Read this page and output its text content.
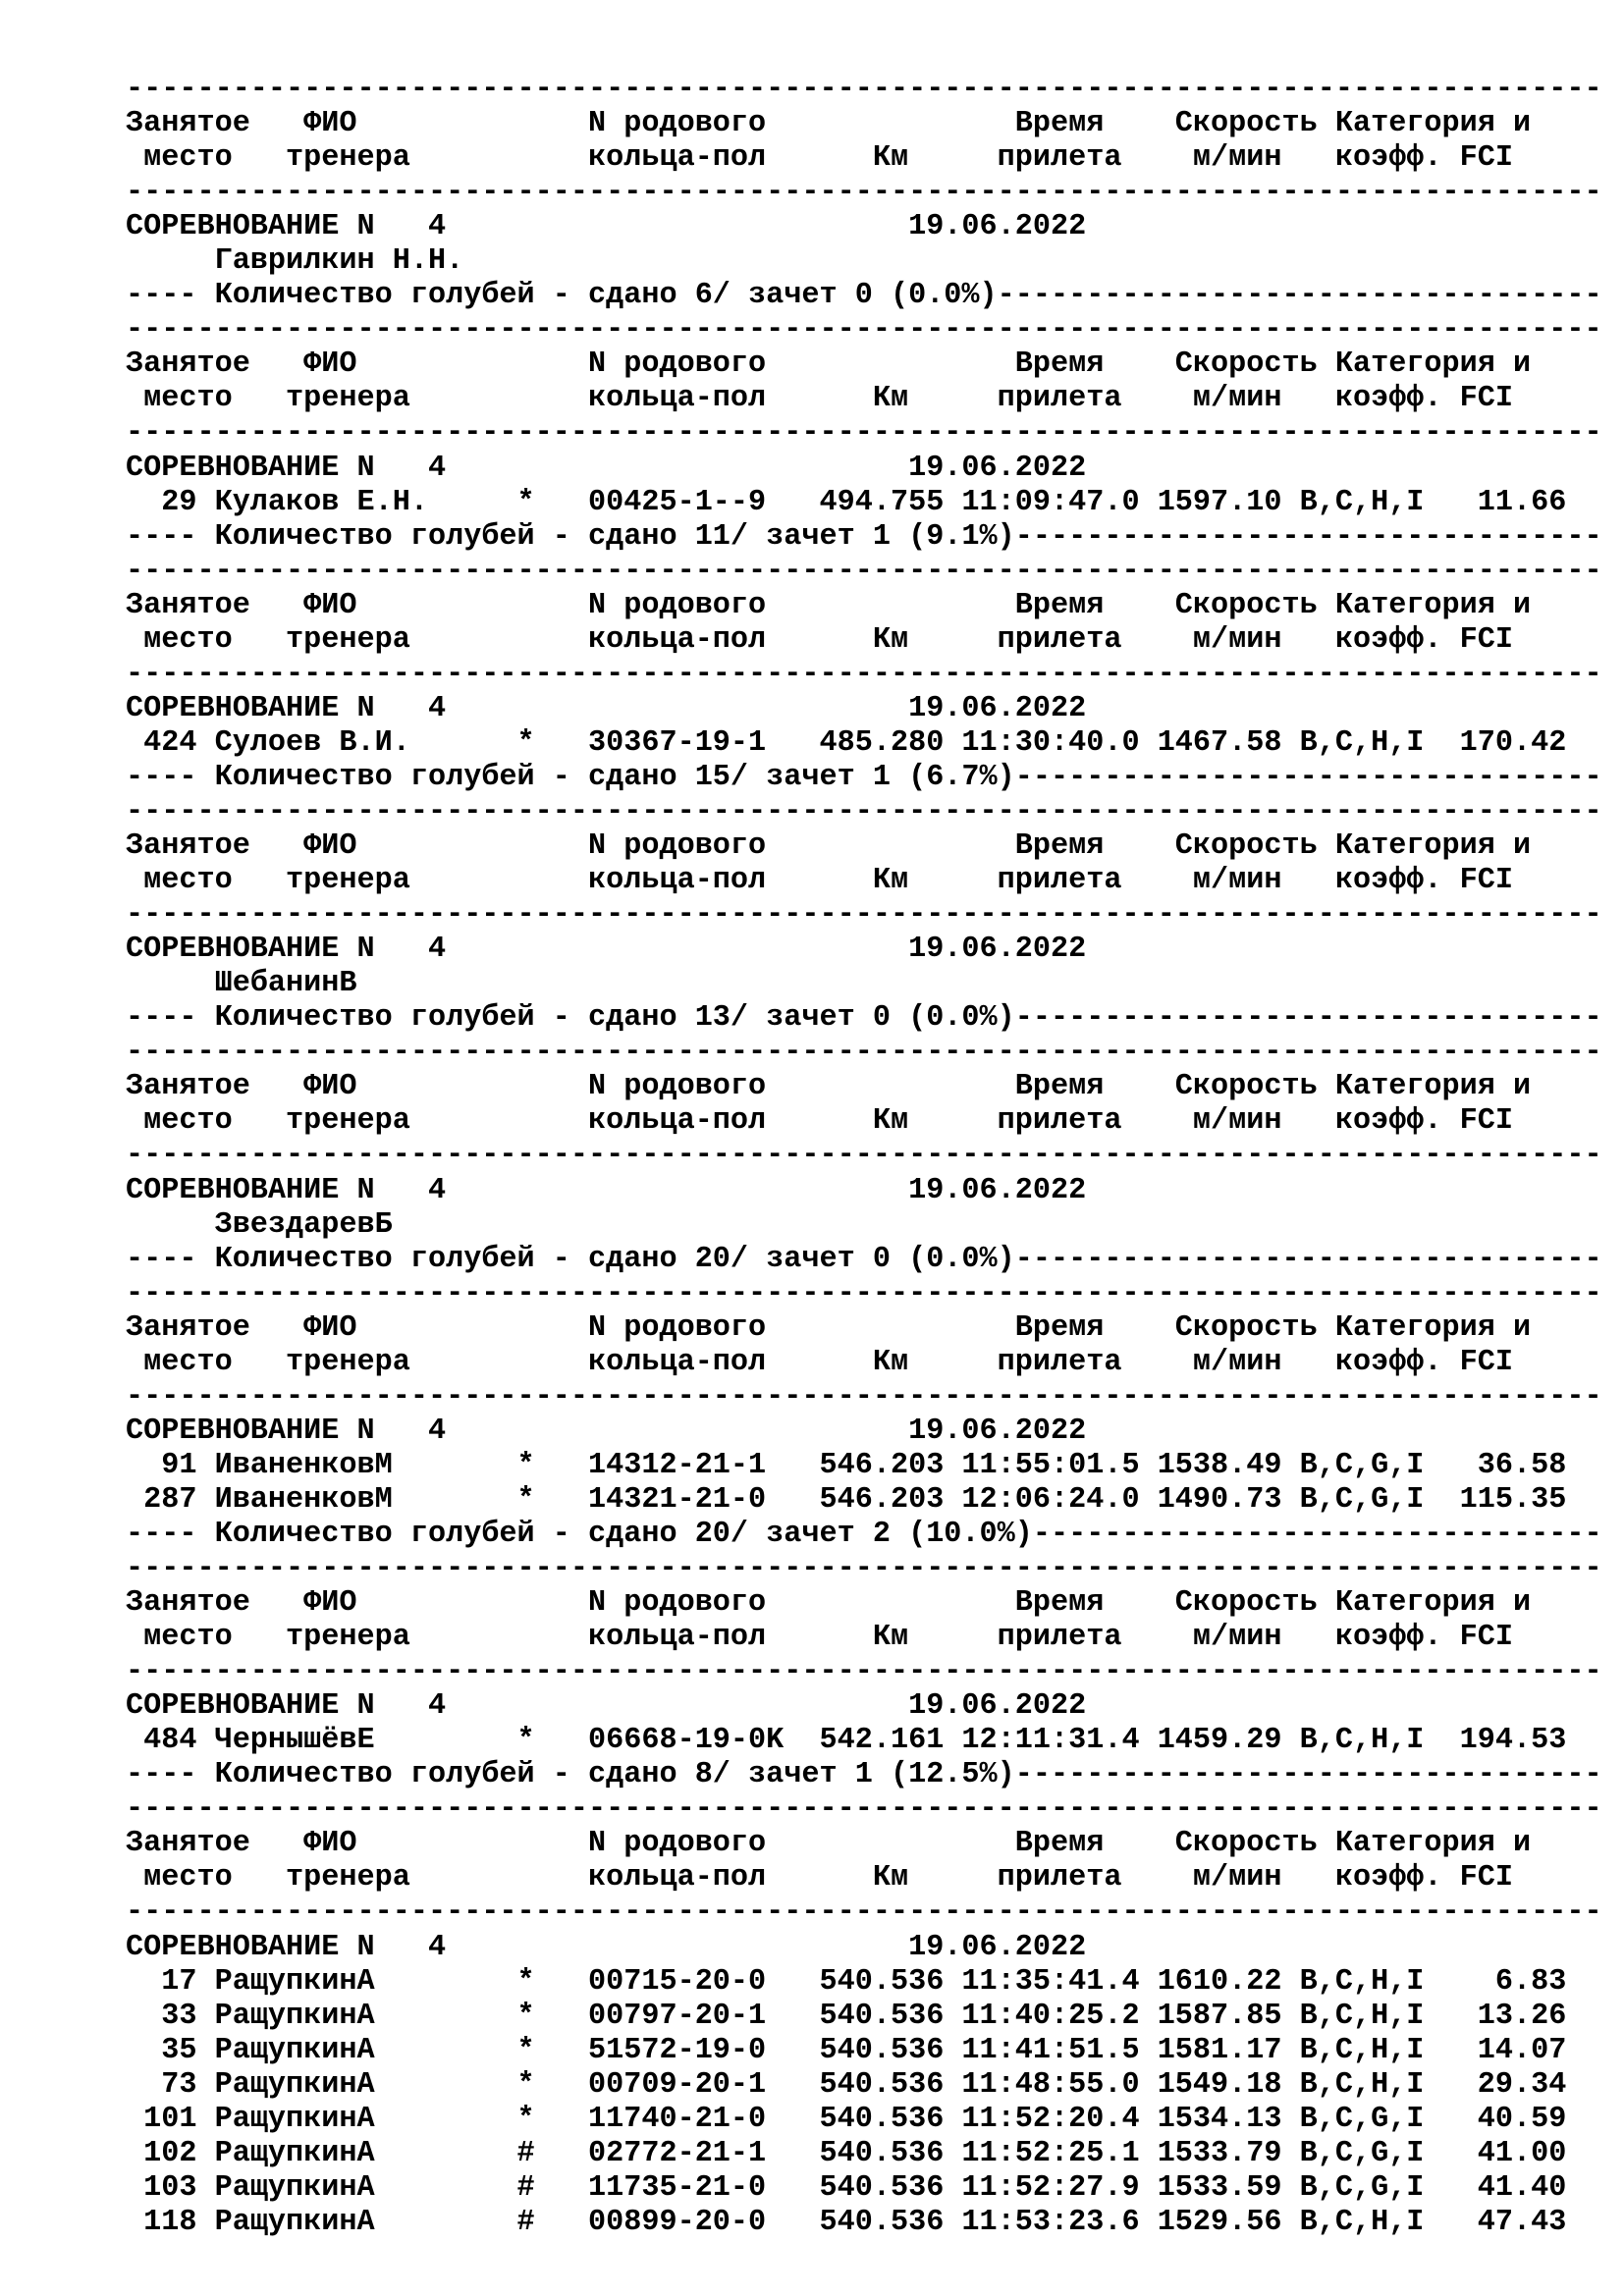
-----------------------------------------------------------------------------------
Занятое   ФИО             N родового              Время    Скорость Категория и
место   тренера          кольца-пол      Км     прилета    м/мин   коэфф. FCI
-----------------------------------------------------------------------------------
СОРЕВНОВАНИЕ N   4                          19.06.2022
Гаврилкин Н.Н.
---- Количество голубей - сдано 6/ зачет 0 (0.0%)----------------------------------
-----------------------------------------------------------------------------------
Занятое   ФИО             N родового              Время    Скорость Категория и
место   тренера          кольца-пол      Км     прилета    м/мин   коэфф. FCI
-----------------------------------------------------------------------------------
СОРЕВНОВАНИЕ N   4                          19.06.2022
29 Кулаков Е.Н.     *   00425-1--9   494.755 11:09:47.0 1597.10 B,C,H,I   11.66
---- Количество голубей - сдано 11/ зачет 1 (9.1%)---------------------------------
-----------------------------------------------------------------------------------
Занятое   ФИО             N родового              Время    Скорость Категория и
место   тренера          кольца-пол      Км     прилета    м/мин   коэфф. FCI
-----------------------------------------------------------------------------------
СОРЕВНОВАНИЕ N   4                          19.06.2022
424 Сулоев В.И.      *   30367-19-1   485.280 11:30:40.0 1467.58 B,C,H,I  170.42
---- Количество голубей - сдано 15/ зачет 1 (6.7%)---------------------------------
-----------------------------------------------------------------------------------
Занятое   ФИО             N родового              Время    Скорость Категория и
место   тренера          кольца-пол      Км     прилета    м/мин   коэфф. FCI
-----------------------------------------------------------------------------------
СОРЕВНОВАНИЕ N   4                          19.06.2022
ШебанинВ
---- Количество голубей - сдано 13/ зачет 0 (0.0%)---------------------------------
-----------------------------------------------------------------------------------
Занятое   ФИО             N родового              Время    Скорость Категория и
место   тренера          кольца-пол      Км     прилета    м/мин   коэфф. FCI
-----------------------------------------------------------------------------------
СОРЕВНОВАНИЕ N   4                          19.06.2022
ЗвездаревБ
---- Количество голубей - сдано 20/ зачет 0 (0.0%)---------------------------------
-----------------------------------------------------------------------------------
Занятое   ФИО             N родового              Время    Скорость Категория и
место   тренера          кольца-пол      Км     прилета    м/мин   коэфф. FCI
-----------------------------------------------------------------------------------
СОРЕВНОВАНИЕ N   4                          19.06.2022
91 ИваненковМ       *   14312-21-1   546.203 11:55:01.5 1538.49 B,C,G,I   36.58
287 ИваненковМ       *   14321-21-0   546.203 12:06:24.0 1490.73 B,C,G,I  115.35
---- Количество голубей - сдано 20/ зачет 2 (10.0%)--------------------------------
-----------------------------------------------------------------------------------
Занятое   ФИО             N родового              Время    Скорость Категория и
место   тренера          кольца-пол      Км     прилета    м/мин   коэфф. FCI
-----------------------------------------------------------------------------------
СОРЕВНОВАНИЕ N   4                          19.06.2022
484 ЧернышёвЕ        *   06668-19-0K  542.161 12:11:31.4 1459.29 B,C,H,I  194.53
---- Количество голубей - сдано 8/ зачет 1 (12.5%)---------------------------------
-----------------------------------------------------------------------------------
Занятое   ФИО             N родового              Время    Скорость Категория и
место   тренера          кольца-пол      Км     прилета    м/мин   коэфф. FCI
-----------------------------------------------------------------------------------
СОРЕВНОВАНИЕ N   4                          19.06.2022
17 РащупкинА        *   00715-20-0   540.536 11:35:41.4 1610.22 B,C,H,I    6.83
33 РащупкинА        *   00797-20-1   540.536 11:40:25.2 1587.85 B,C,H,I   13.26
35 РащупкинА        *   51572-19-0   540.536 11:41:51.5 1581.17 B,C,H,I   14.07
73 РащупкинА        *   00709-20-1   540.536 11:48:55.0 1549.18 B,C,H,I   29.34
101 РащупкинА        *   11740-21-0   540.536 11:52:20.4 1534.13 B,C,G,I   40.59
102 РащупкинА        #   02772-21-1   540.536 11:52:25.1 1533.79 B,C,G,I   41.00
103 РащупкинА        #   11735-21-0   540.536 11:52:27.9 1533.59 B,C,G,I   41.40
118 РащупкинА        #   00899-20-0   540.536 11:53:23.6 1529.56 B,C,H,I   47.43
